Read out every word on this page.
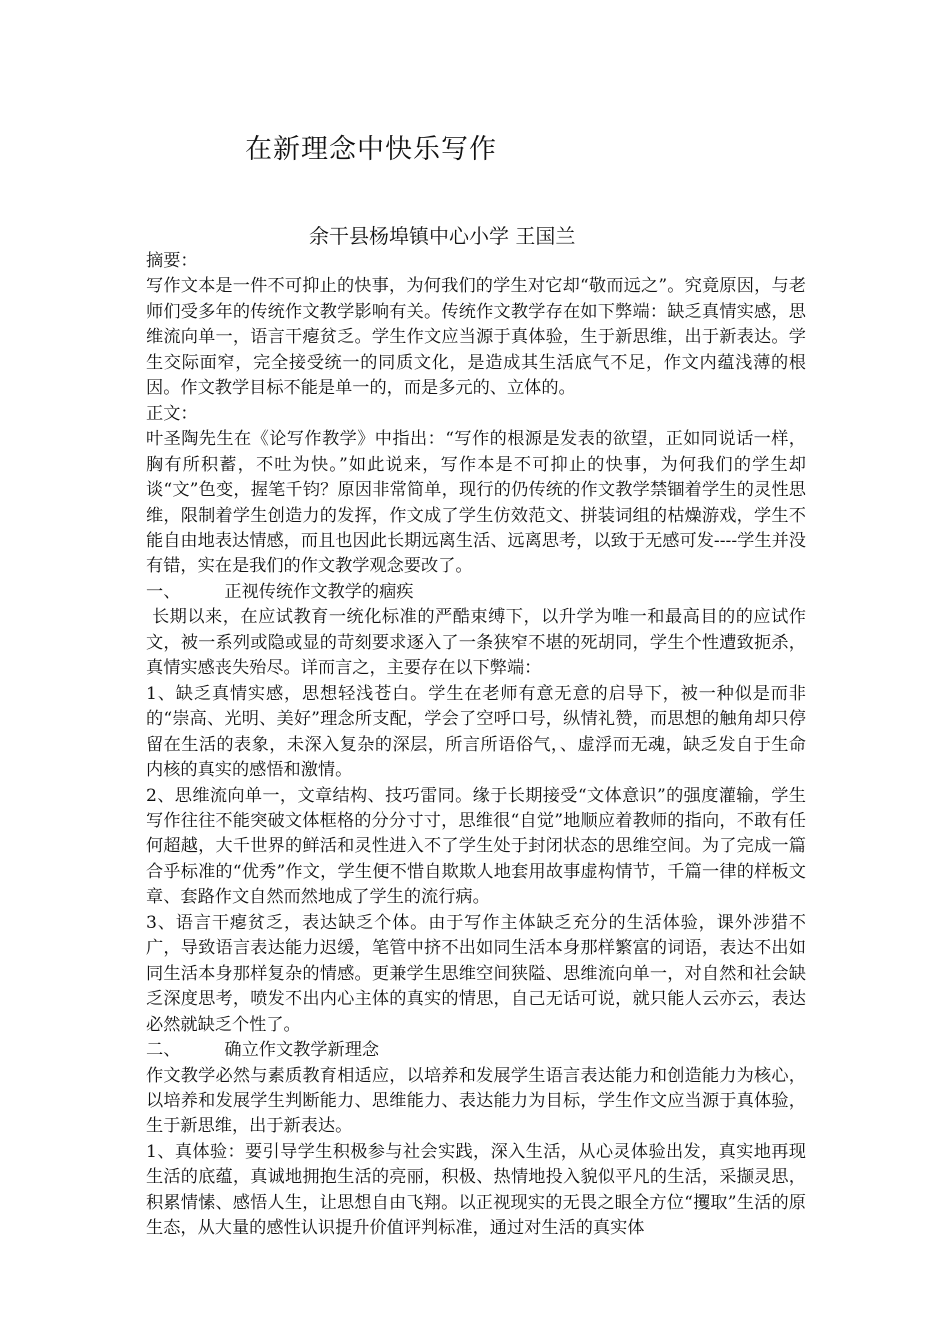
在新理念中快乐写作
余干县杨埠镇中心小学 王国兰

摘要：

写作文本是一件不可抑止的快事，为何我们的学生对它却“敬而远之”。究竟原因，与老师们受多年的传统作文教学影响有关。传统作文教学存在如下弊端：缺乏真情实感，思维流向单一，语言干瘪贫乏。学生作文应当源于真体验，生于新思维，出于新表达。学生交际面窄，完全接受统一的同质文化，是造成其生活底气不足，作文内蕴浅薄的根因。作文教学目标不能是单一的，而是多元的、立体的。

正文：

叶圣陶先生在《论写作教学》中指出：“写作的根源是发表的欲望，正如同说话一样，胸有所积蓄，不吐为快。”如此说来，写作本是不可抑止的快事，为何我们的学生却谈“文”色变，握笔千钧？原因非常简单，现行的仍传统的作文教学禁锢着学生的灵性思维，限制着学生创造力的发挥，作文成了学生仿效范文、拼装词组的枯燥游戏，学生不能自由地表达情感，而且也因此长期远离生活、远离思考，以致于无感可发----学生并没有错，实在是我们的作文教学观念要改了。

一、	正视传统作文教学的痼疾

长期以来，在应试教育一统化标准的严酷束缚下，以升学为唯一和最高目的的应试作文，被一系列或隐或显的苛刻要求逐入了一条狭窄不堪的死胡同，学生个性遭致扼杀，真情实感丧失殆尽。详而言之，主要存在以下弊端：

1、缺乏真情实感，思想轻浅苍白。学生在老师有意无意的启导下，被一种似是而非的“崇高、光明、美好”理念所支配，学会了空呼口号，纵情礼赞，而思想的触角却只停留在生活的表象，未深入复杂的深层，所言所语俗气，、虚浮而无魂，缺乏发自于生命内核的真实的感悟和激情。

2、思维流向单一，文章结构、技巧雷同。缘于长期接受“文体意识”的强度灌输，学生写作往往不能突破文体框格的分分寸寸，思维很“自觉”地顺应着教师的指向，不敢有任何超越，大千世界的鲜活和灵性进入不了学生处于封闭状态的思维空间。为了完成一篇合乎标准的“优秀”作文，学生便不惜自欺欺人地套用故事虚构情节，千篇一律的样板文章、套路作文自然而然地成了学生的流行病。

3、语言干瘪贫乏，表达缺乏个体。由于写作主体缺乏充分的生活体验，课外涉猎不广，导致语言表达能力迟缓，笔管中挤不出如同生活本身那样繁富的词语，表达不出如同生活本身那样复杂的情感。更兼学生思维空间狭隘、思维流向单一，对自然和社会缺乏深度思考，喷发不出内心主体的真实的情思，自己无话可说，就只能人云亦云，表达必然就缺乏个性了。

二、	确立作文教学新理念

作文教学必然与素质教育相适应，以培养和发展学生语言表达能力和创造能力为核心，以培养和发展学生判断能力、思维能力、表达能力为目标，学生作文应当源于真体验，生于新思维，出于新表达。

1、真体验：要引导学生积极参与社会实践，深入生活，从心灵体验出发，真实地再现生活的底蕴，真诚地拥抱生活的亮丽，积极、热情地投入貌似平凡的生活，采撷灵思，积累情愫、感悟人生，让思想自由飞翔。以正视现实的无畏之眼全方位“攫取”生活的原生态，从大量的感性认识提升价值评判标准，通过对生活的真实体
